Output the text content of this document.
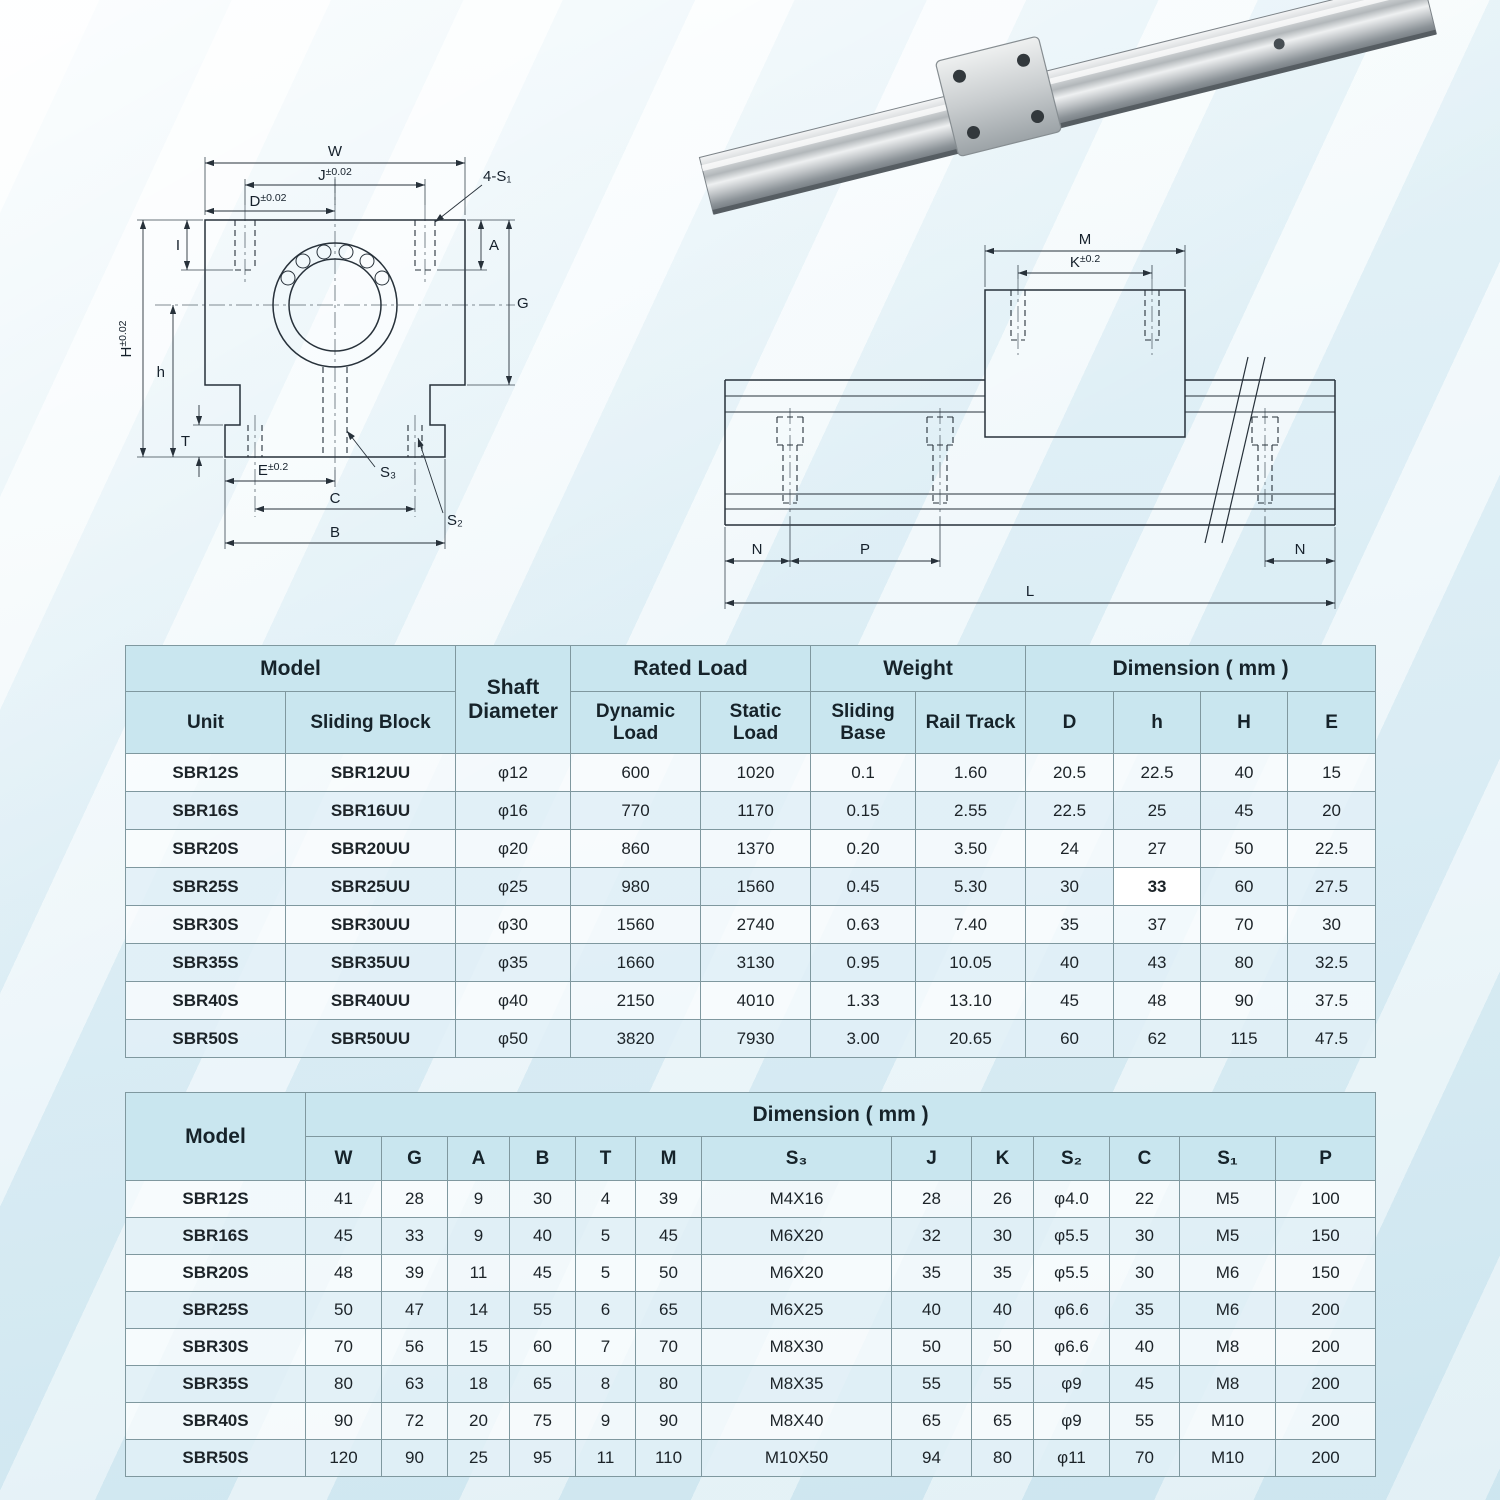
W
$J^{\pm 0.02}$
$D^{\pm 0.02}$
4-S₁
I	A
G
$H^{\pm 0.02}$
h
T
$E^{\pm 0.2}$	S₃
C
S₂
B
M
$K^{\pm 0.2}$
N	P	N
L
Model		Shaft Diameter	Rated Load		Weight		Dimension ( mm )			
Unit	Sliding Block		Dynamic Load	Static Load	Sliding Base	Rail Track	D	h	H	E
SBR12S	SBR12UU	φ12	600	1020	0.1	1.60	20.5	22.5	40	15
SBR16S	SBR16UU	φ16	770	1170	0.15	2.55	22.5	25	45	20
SBR20S	SBR20UU	φ20	860	1370	0.20	3.50	24	27	50	22.5
SBR25S	SBR25UU	φ25	980	1560	0.45	5.30	30	33	60	27.5
SBR30S	SBR30UU	φ30	1560	2740	0.63	7.40	35	37	70	30
SBR35S	SBR35UU	φ35	1660	3130	0.95	10.05	40	43	80	32.5
SBR40S	SBR40UU	φ40	2150	4010	1.33	13.10	45	48	90	37.5
SBR50S	SBR50UU	φ50	3820	7930	3.00	20.65	60	62	115	47.5
Model	Dimension ( mm )												
	W	G	A	B	T	M	S₃	J	K	S₂	C	S₁	P
SBR12S	41	28	9	30	4	39	M4X16	28	26	φ4.0	22	M5	100
SBR16S	45	33	9	40	5	45	M6X20	32	30	φ5.5	30	M5	150
SBR20S	48	39	11	45	5	50	M6X20	35	35	φ5.5	30	M6	150
SBR25S	50	47	14	55	6	65	M6X25	40	40	φ6.6	35	M6	200
SBR30S	70	56	15	60	7	70	M8X30	50	50	φ6.6	40	M8	200
SBR35S	80	63	18	65	8	80	M8X35	55	55	φ9	45	M8	200
SBR40S	90	72	20	75	9	90	M8X40	65	65	φ9	55	M10	200
SBR50S	120	90	25	95	11	110	M10X50	94	80	φ11	70	M10	200
